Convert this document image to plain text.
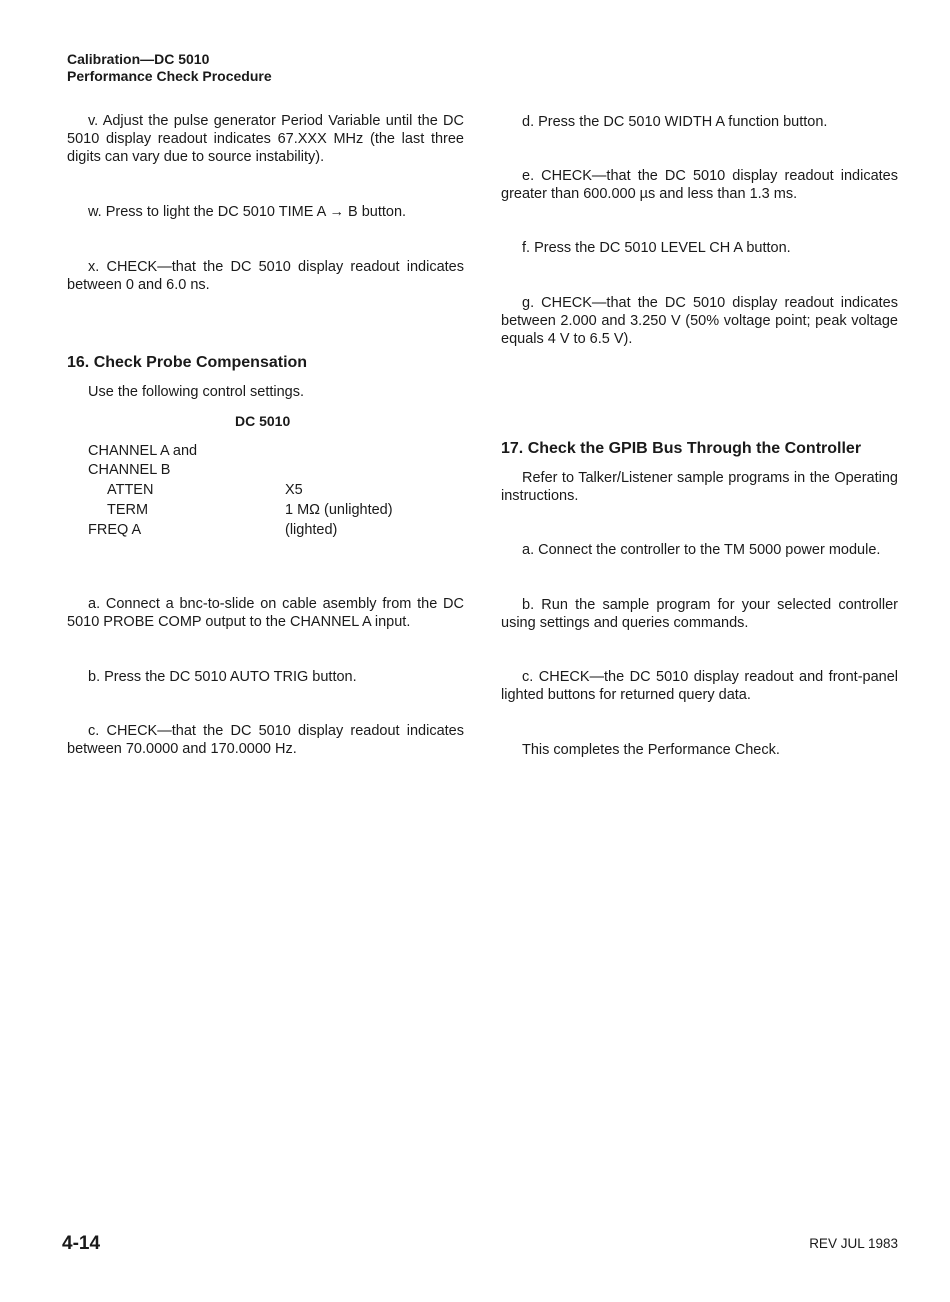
Calibration—DC 5010
Performance Check Procedure

v. Adjust the pulse generator Period Variable until the DC 5010 display readout indicates 67.XXX MHz (the last three digits can vary due to source instability).

w. Press to light the DC 5010 TIME A → B button.

x. CHECK—that the DC 5010 display readout indicates between 0 and 6.0 ns.

16. Check Probe Compensation
Use the following control settings.
DC 5010
CHANNEL A and
CHANNEL B
ATTEN	X5
TERM	1 MΩ (unlighted)
FREQ A	(lighted)

a. Connect a bnc-to-slide on cable asembly from the DC 5010 PROBE COMP output to the CHANNEL A input.

b. Press the DC 5010 AUTO TRIG button.

c. CHECK—that the DC 5010 display readout indicates between 70.0000 and 170.0000 Hz.

d. Press the DC 5010 WIDTH A function button.

e. CHECK—that the DC 5010 display readout indicates greater than 600.000 µs and less than 1.3 ms.

f. Press the DC 5010 LEVEL CH A button.

g. CHECK—that the DC 5010 display readout indicates between 2.000 and 3.250 V (50% voltage point; peak voltage equals 4 V to 6.5 V).

17. Check the GPIB Bus Through the Controller

Refer to Talker/Listener sample programs in the Operating instructions.

a. Connect the controller to the TM 5000 power module.

b. Run the sample program for your selected controller using settings and queries commands.

c. CHECK—the DC 5010 display readout and front-panel lighted buttons for returned query data.

This completes the Performance Check.

4-14	REV JUL 1983
